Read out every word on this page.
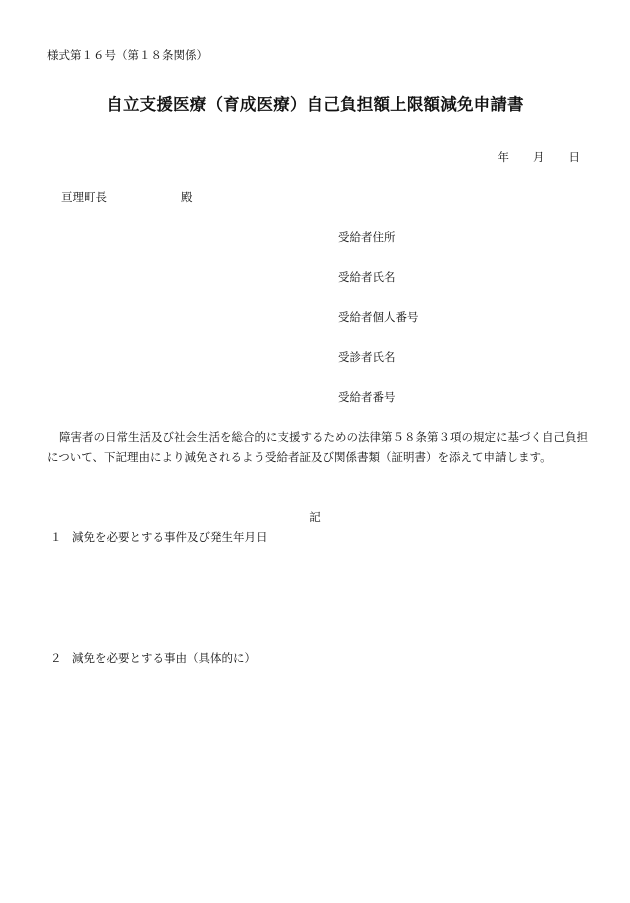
様式第１６号（第１８条関係）
自立支援医療（育成医療）自己負担額上限額減免申請書
年 月 日
亘理町長	殿
受給者住所
受給者氏名
受給者個人番号
受診者氏名
受給者番号
障害者の日常生活及び社会生活を総合的に支援するための法律第５８条第３項の規定に基づく自己負担について、下記理由により減免されるよう受給者証及び関係書類（証明書）を添えて申請します。
記
１ 減免を必要とする事件及び発生年月日
２ 減免を必要とする事由（具体的に）
